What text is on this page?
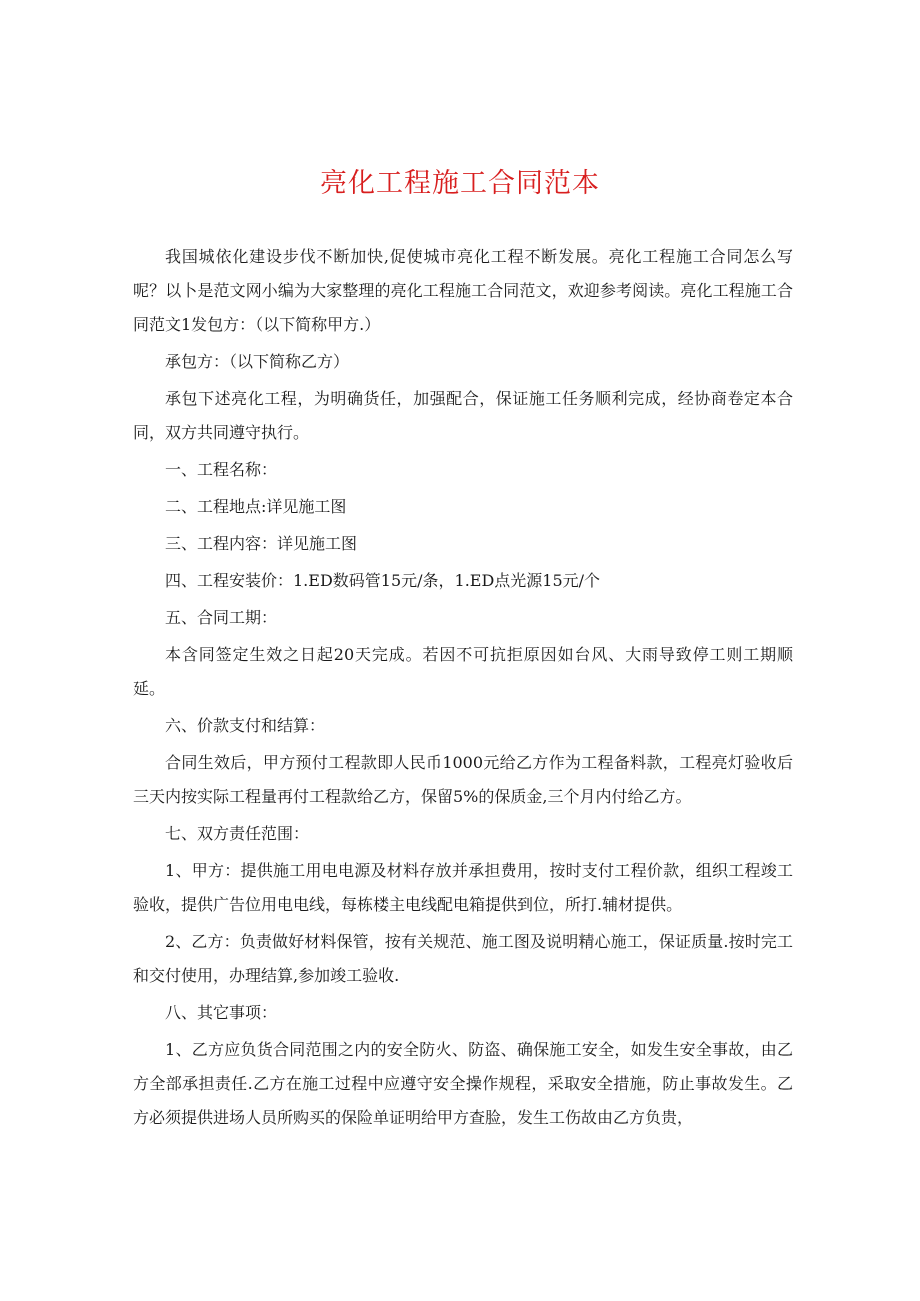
亮化工程施工合同范本

我国城依化建设步伐不断加快,促使城市亮化工程不断发展。亮化工程施工合同怎么写呢？以卜是范文网小编为大家整理的亮化工程施工合同范文，欢迎参考阅读。亮化工程施工合同范文1发包方：（以下简称甲方.）

承包方：（以下简称乙方）

承包下述亮化工程，为明确货任，加强配合，保证施工任务顺利完成，经协商卷定本合同，双方共同遵守执行。

一、工程名称：

二、工程地点:详见施工图

三、工程内容：详见施工图

四、工程安装价：1.ED数码管15元/条，1.ED点光源15元/个

五、合同工期：

本含同签定生效之日起20天完成。若因不可抗拒原因如台风、大雨导致停工则工期顺延。

六、价款支付和结算：

合同生效后，甲方预付工程款即人民币1000元给乙方作为工程备料款，工程亮灯验收后三天内按实际工程量再付工程款给乙方，保留5%的保质金,三个月内付给乙方。

七、双方责任范围：

1、甲方：提供施工用电电源及材料存放并承担费用，按时支付工程价款，组织工程竣工验收，提供广告位用电电线，每栋楼主电线配电箱提供到位，所打.辅材提供。

2、乙方：负责做好材料保管，按有关规范、施工图及说明精心施工，保证质量.按时完工和交付使用，办理结算,参加竣工验收.

八、其它事项：

1、乙方应负货合同范围之内的安全防火、防盗、确保施工安全，如发生安全事故，由乙方全部承担责任.乙方在施工过程中应遵守安全操作规程，采取安全措施，防止事故发生。乙方必须提供进场人员所购买的保险单证明给甲方查脸，发生工伤故由乙方负贵，
